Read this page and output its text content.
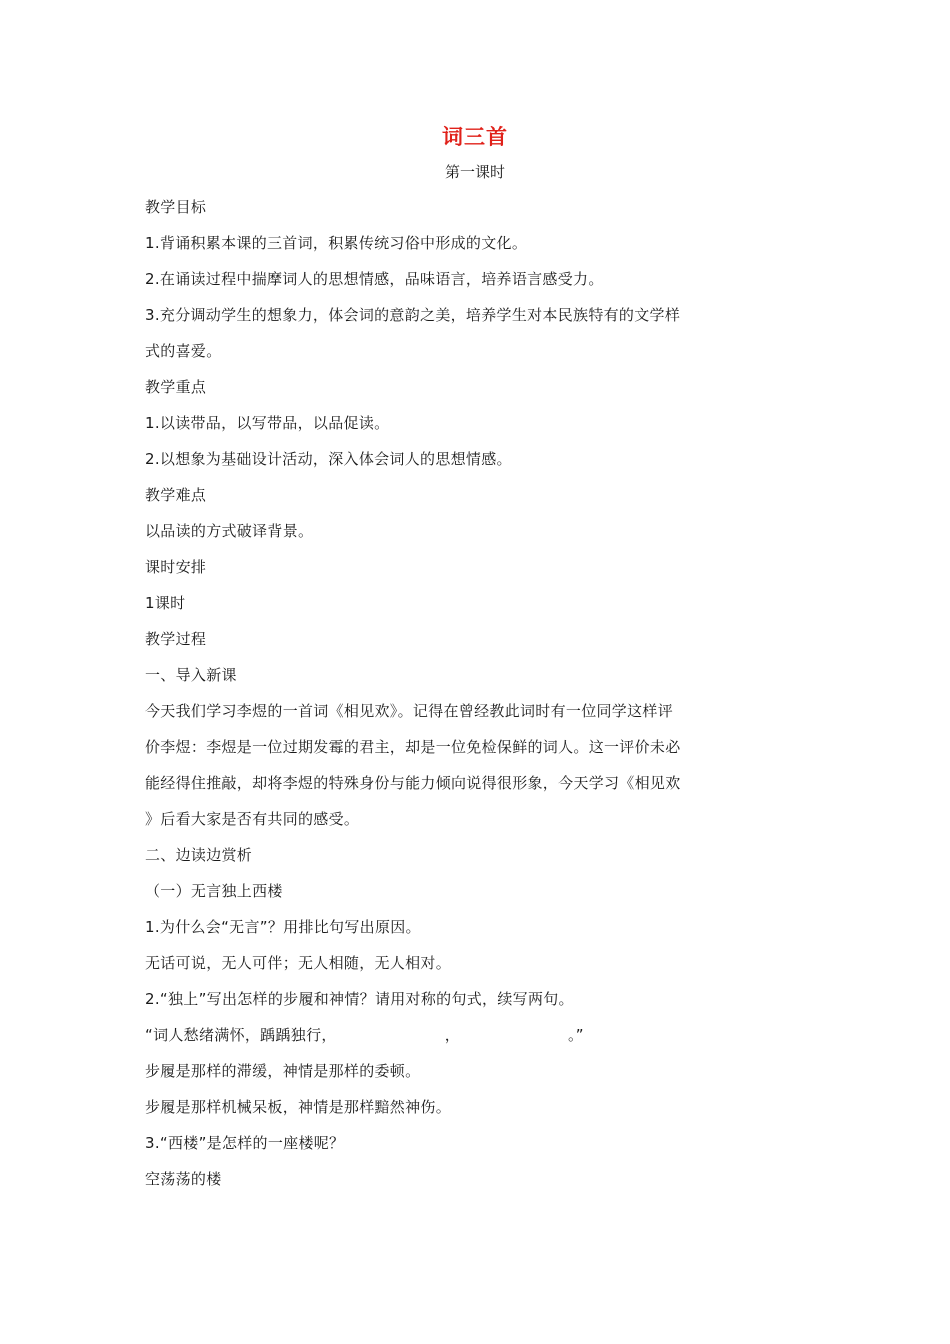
词三首
第一课时
教学目标
1.背诵积累本课的三首词，积累传统习俗中形成的文化。
2.在诵读过程中揣摩词人的思想情感，品味语言，培养语言感受力。
3.充分调动学生的想象力，体会词的意韵之美，培养学生对本民族特有的文学样
式的喜爱。
教学重点
1.以读带品，以写带品，以品促读。
2.以想象为基础设计活动，深入体会词人的思想情感。
教学难点
以品读的方式破译背景。
课时安排
1课时
教学过程
一、导入新课
今天我们学习李煜的一首词《相见欢》。记得在曾经教此词时有一位同学这样评
价李煜：李煜是一位过期发霉的君主，却是一位免检保鲜的词人。这一评价未必
能经得住推敲，却将李煜的特殊身份与能力倾向说得很形象，今天学习《相见欢
》后看大家是否有共同的感受。
二、边读边赏析
（一）无言独上西楼
1.为什么会“无言”？用排比句写出原因。
无话可说，无人可伴；无人相随，无人相对。
2.“独上”写出怎样的步履和神情？请用对称的句式，续写两句。
“词人愁绪满怀，踽踽独行，	，	。”
步履是那样的滞缓，神情是那样的委顿。
步履是那样机械呆板，神情是那样黯然神伤。
3.“西楼”是怎样的一座楼呢？
空荡荡的楼
